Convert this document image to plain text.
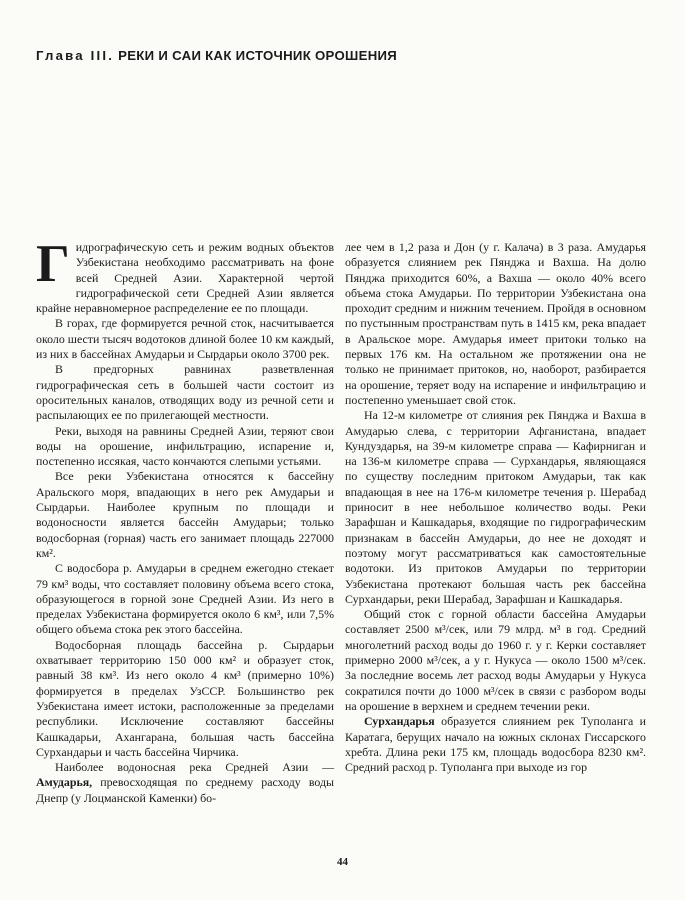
Глава III. РЕКИ И САИ КАК ИСТОЧНИК ОРОШЕНИЯ

Гидрографическую сеть и режим водных объектов Узбекистана необходимо рассматривать на фоне всей Средней Азии. Характерной чертой гидрографической сети Средней Азии является крайне неравномерное распределение ее по площади.

В горах, где формируется речной сток, насчитывается около шести тысяч водотоков длиной более 10 км каждый, из них в бассейнах Амударьи и Сырдарьи около 3700 рек.

В предгорных равнинах разветвленная гидрографическая сеть в большей части состоит из оросительных каналов, отводящих воду из речной сети и распылающих ее по прилегающей местности.

Реки, выходя на равнины Средней Азии, теряют свои воды на орошение, инфильтрацию, испарение и, постепенно иссякая, часто кончаются слепыми устьями.

Все реки Узбекистана относятся к бассейну Аральского моря, впадающих в него рек Амударьи и Сырдарьи. Наиболее крупным по площади и водоносности является бассейн Амударьи; только водосборная (горная) часть его занимает площадь 227000 км².

С водосбора р. Амударьи в среднем ежегодно стекает 79 км³ воды, что составляет половину объема всего стока, образующегося в горной зоне Средней Азии. Из него в пределах Узбекистана формируется около 6 км³, или 7,5% общего объема стока рек этого бассейна.

Водосборная площадь бассейна р. Сырдарьи охватывает территорию 150 000 км² и образует сток, равный 38 км³. Из него около 4 км³ (примерно 10%) формируется в пределах УзССР. Большинство рек Узбекистана имеет истоки, расположенные за пределами республики. Исключение составляют бассейны Кашкадарьи, Ахангарана, большая часть бассейна Сурхандарьи и часть бассейна Чирчика.

Наиболее водоносная река Средней Азии — Амударья, превосходящая по среднему расходу воды Днепр (у Лоцманской Каменки) бо-

лее чем в 1,2 раза и Дон (у г. Калача) в 3 раза. Амударья образуется слиянием рек Пянджа и Вахша. На долю Пянджа приходится 60%, а Вахша — около 40% всего объема стока Амударьи. По территории Узбекистана она проходит средним и нижним течением. Пройдя в основном по пустынным пространствам путь в 1415 км, река впадает в Аральское море. Амударья имеет притоки только на первых 176 км. На остальном же протяжении она не только не принимает притоков, но, наоборот, разбирается на орошение, теряет воду на испарение и инфильтрацию и постепенно уменьшает свой сток.

На 12-м километре от слияния рек Пянджа и Вахша в Амударью слева, с территории Афганистана, впадает Кундуздарья, на 39-м километре справа — Кафирниган и на 136-м километре справа — Сурхандарья, являющаяся по существу последним притоком Амударьи, так как впадающая в нее на 176-м километре течения р. Шерабад приносит в нее небольшое количество воды. Реки Зарафшан и Кашкадарья, входящие по гидрографическим признакам в бассейн Амударьи, до нее не доходят и поэтому могут рассматриваться как самостоятельные водотоки. Из притоков Амударьи по территории Узбекистана протекают большая часть рек бассейна Сурхандарьи, реки Шерабад, Зарафшан и Кашкадарья.

Общий сток с горной области бассейна Амударьи составляет 2500 м³/сек, или 79 млрд. м³ в год. Средний многолетний расход воды до 1960 г. у г. Керки составляет примерно 2000 м³/сек, а у г. Нукуса — около 1500 м³/сек. За последние восемь лет расход воды Амударьи у Нукуса сократился почти до 1000 м³/сек в связи с разбором воды на орошение в верхнем и среднем течении реки.

Сурхандарья образуется слиянием рек Туполанга и Каратага, берущих начало на южных склонах Гиссарского хребта. Длина реки 175 км, площадь водосбора 8230 км². Средний расход р. Туполанга при выходе из гор

44
